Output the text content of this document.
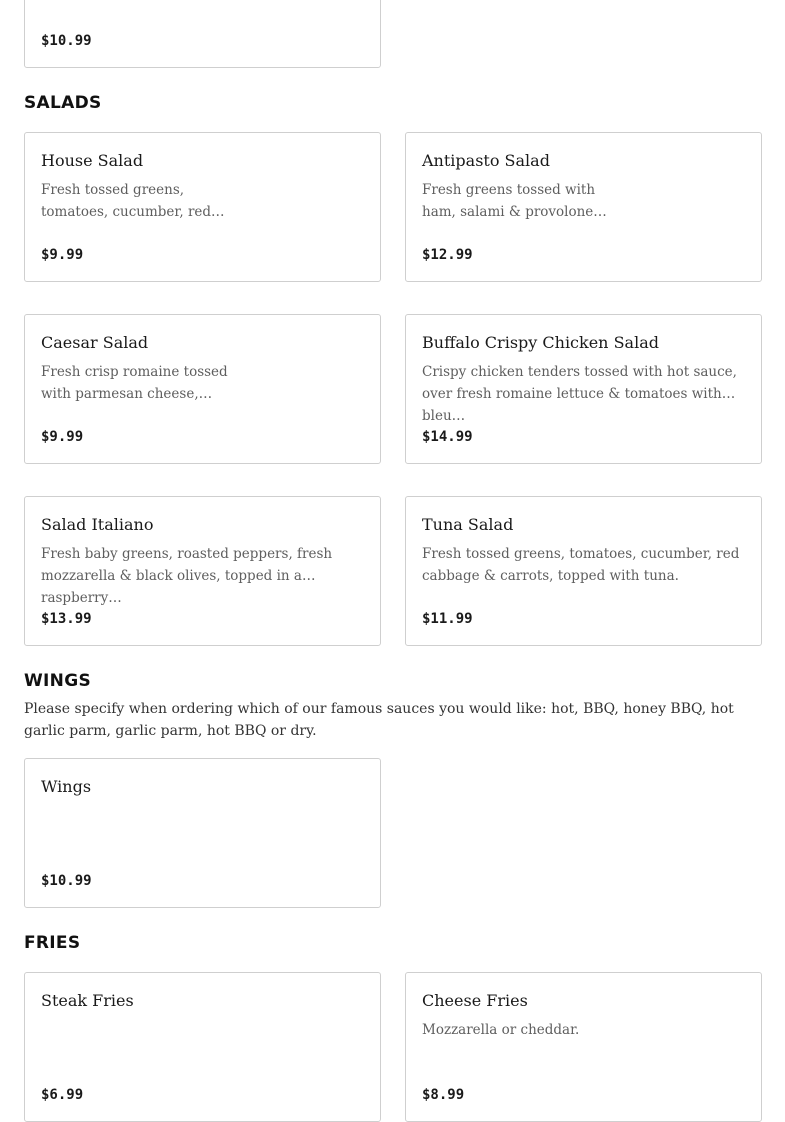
$10.99
SALADS
House Salad

Fresh tossed greens, tomatoes, cucumber, red…

$9.99
Antipasto Salad

Fresh greens tossed with ham, salami & provolone…

$12.99
Caesar Salad

Fresh crisp romaine tossed with parmesan cheese,…

$9.99
Buffalo Crispy Chicken Salad

Crispy chicken tenders tossed with hot sauce, over fresh romaine lettuce & tomatoes with bleu…

$14.99
Salad Italiano

Fresh baby greens, roasted peppers, fresh mozzarella & black olives, topped in a raspberry…

$13.99
Tuna Salad

Fresh tossed greens, tomatoes, cucumber, red cabbage & carrots, topped with tuna.

$11.99
WINGS

Please specify when ordering which of our famous sauces you would like: hot, BBQ, honey BBQ, hot garlic parm, garlic parm, hot BBQ or dry.

Wings
$10.99
FRIES
Steak Fries
$6.99
Cheese Fries

Mozzarella or cheddar.

$8.99
